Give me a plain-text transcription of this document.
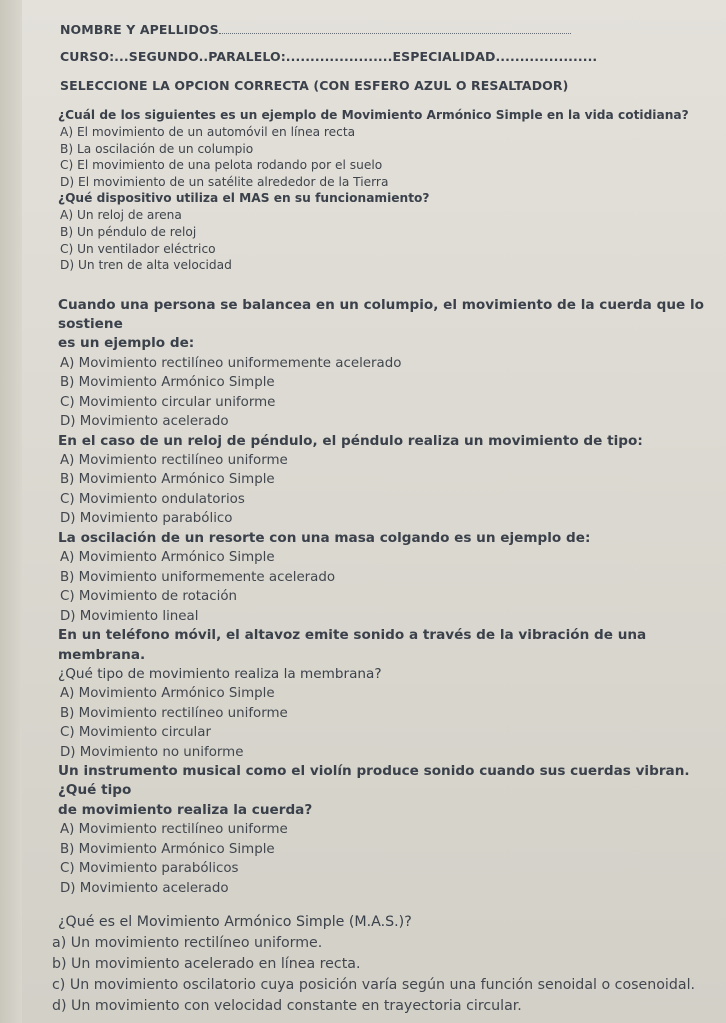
NOMBRE Y APELLIDOS
CURSO:...SEGUNDO..PARALELO:......................ESPECIALIDAD.....................
SELECCIONE LA OPCION CORRECTA (CON ESFERO AZUL O RESALTADOR)

¿Cuál de los siguientes es un ejemplo de Movimiento Armónico Simple en la vida cotidiana?

A) El movimiento de un automóvil en línea recta

B) La oscilación de un columpio

C) El movimiento de una pelota rodando por el suelo

D) El movimiento de un satélite alrededor de la Tierra

¿Qué dispositivo utiliza el MAS en su funcionamiento?

A) Un reloj de arena

B) Un péndulo de reloj

C) Un ventilador eléctrico

D) Un tren de alta velocidad

Cuando una persona se balancea en un columpio, el movimiento de la cuerda que lo sostiene

es un ejemplo de:

A) Movimiento rectilíneo uniformemente acelerado

B) Movimiento Armónico Simple

C) Movimiento circular uniforme

D) Movimiento acelerado

En el caso de un reloj de péndulo, el péndulo realiza un movimiento de tipo:

A) Movimiento rectilíneo uniforme

B) Movimiento Armónico Simple

C) Movimiento ondulatorios

D) Movimiento parabólico

La oscilación de un resorte con una masa colgando es un ejemplo de:

A) Movimiento Armónico Simple

B) Movimiento uniformemente acelerado

C) Movimiento de rotación

D) Movimiento lineal

En un teléfono móvil, el altavoz emite sonido a través de la vibración de una membrana.

¿Qué tipo de movimiento realiza la membrana?

A) Movimiento Armónico Simple

B) Movimiento rectilíneo uniforme

C) Movimiento circular

D) Movimiento no uniforme

Un instrumento musical como el violín produce sonido cuando sus cuerdas vibran. ¿Qué tipo

de movimiento realiza la cuerda?

A) Movimiento rectilíneo uniforme

B) Movimiento Armónico Simple

C) Movimiento parabólicos

D) Movimiento acelerado

¿Qué es el Movimiento Armónico Simple (M.A.S.)?

a) Un movimiento rectilíneo uniforme.

b) Un movimiento acelerado en línea recta.

c) Un movimiento oscilatorio cuya posición varía según una función senoidal o cosenoidal.

d) Un movimiento con velocidad constante en trayectoria circular.
